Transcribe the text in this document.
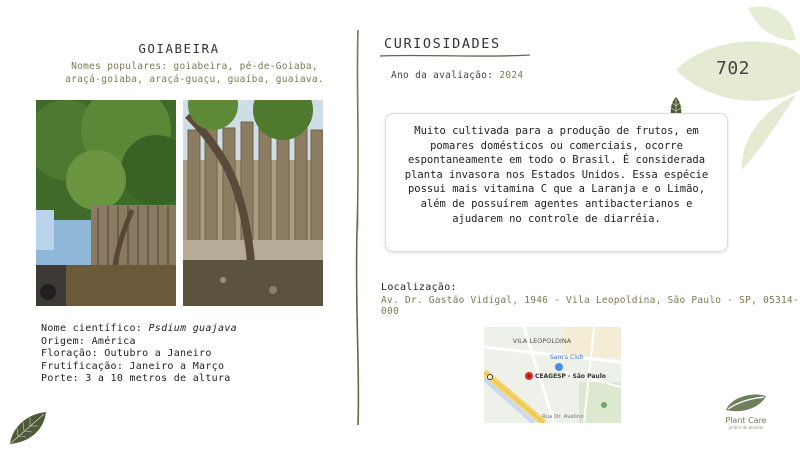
702
GOIABEIRA
Nomes populares: goiabeira, pé-de-Goiaba, araçá-goiaba, araçá-guaçu, guaíba, guaiava.
Nome científico: Psdium guajava
Origem: América
Floração: Outubro a Janeiro
Frutificação: Janeiro a Março
Porte: 3 a 10 metros de altura
CURIOSIDADES
Ano da avaliação: 2024
Muito cultivada para a produção de frutos, em pomares domésticos ou comerciais, ocorre espontaneamente em todo o Brasil. É considerada planta invasora nos Estados Unidos. Essa espécie possui mais vitamina C que a Laranja e o Limão, além de possuírem agentes antibacterianos e ajudarem no controle de diarréia.
Localização:
Av. Dr. Gastão Vidigal, 1946 - Vila Leopoldina, São Paulo - SP, 05314-000
VILA LEOPOLDINA
Sam's Club
CEAGESP - São Paulo
Rua Dr. Avelino	Plant Care
jardim de plantas
